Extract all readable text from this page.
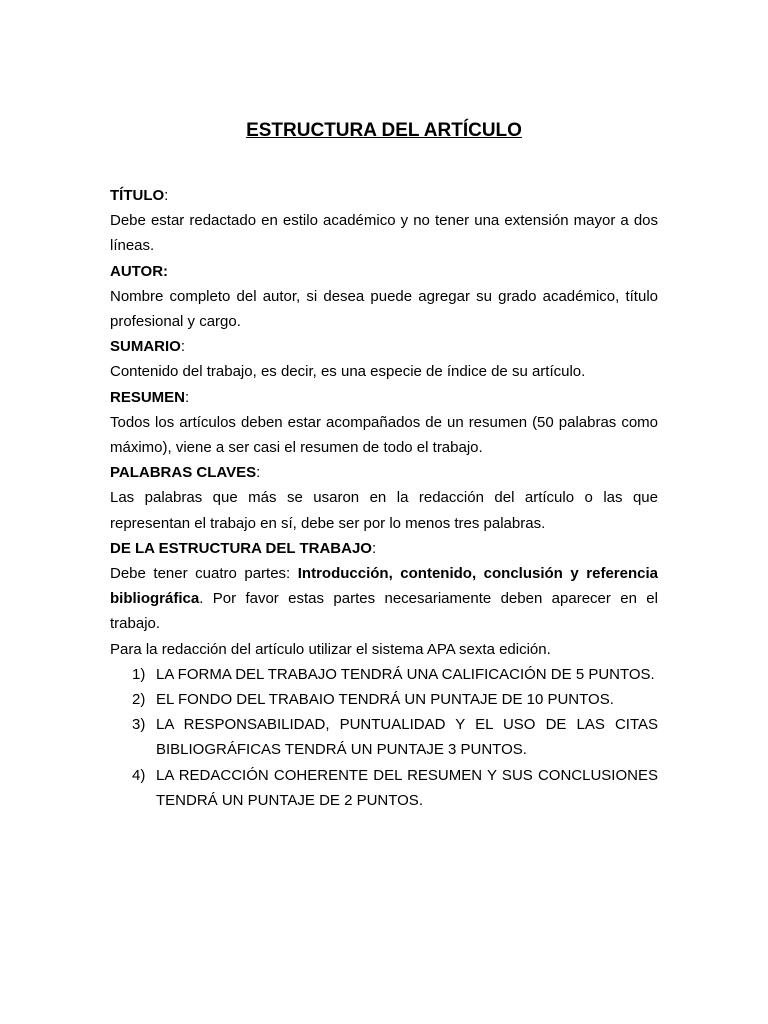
ESTRUCTURA DEL ARTÍCULO
TÍTULO:

Debe estar redactado en estilo académico y no tener una extensión mayor a dos líneas.

AUTOR:

Nombre completo del autor, si desea puede agregar su grado académico, título profesional y cargo.

SUMARIO:

Contenido del trabajo, es decir, es una especie de índice de su artículo.

RESUMEN:

Todos los artículos deben estar acompañados de un resumen (50 palabras como máximo), viene a ser casi el resumen de todo el trabajo.

PALABRAS CLAVES:

Las palabras que más se usaron en la redacción del artículo o las que representan el trabajo en sí, debe ser por lo menos tres palabras.

DE LA ESTRUCTURA DEL TRABAJO:

Debe tener cuatro partes: Introducción, contenido, conclusión y referencia bibliográfica. Por favor estas partes necesariamente deben aparecer en el trabajo.

Para la redacción del artículo utilizar el sistema APA sexta edición.
1) LA FORMA DEL TRABAJO TENDRÁ UNA CALIFICACIÓN DE 5 PUNTOS.
2) EL FONDO DEL TRABAIO TENDRÁ UN PUNTAJE DE 10 PUNTOS.
3) LA RESPONSABILIDAD, PUNTUALIDAD Y EL USO DE LAS CITAS BIBLIOGRÁFICAS TENDRÁ UN PUNTAJE 3 PUNTOS.
4) LA REDACCIÓN COHERENTE DEL RESUMEN Y SUS CONCLUSIONES TENDRÁ UN PUNTAJE DE 2 PUNTOS.
